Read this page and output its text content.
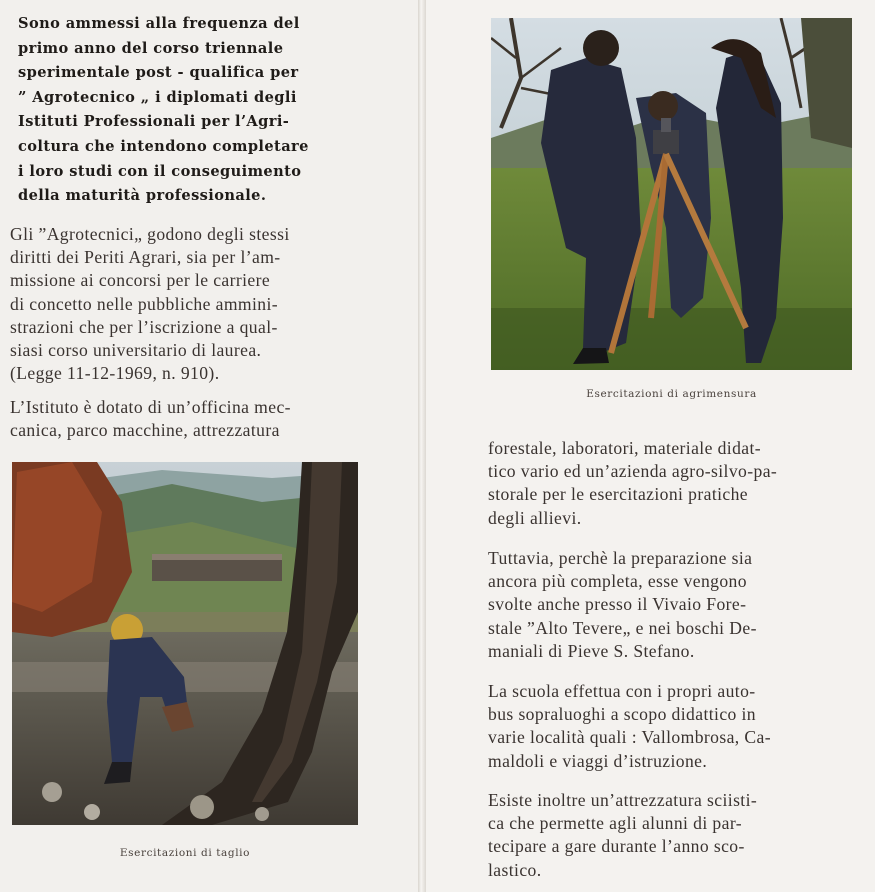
Sono ammessi alla frequenza del
primo anno del corso triennale
sperimentale post - qualifica per
” Agrotecnico „ i diplomati degli
Istituti Professionali per l’Agri-
coltura che intendono completare
i loro studi con il conseguimento
della maturità professionale.

Gli ”Agrotecnici„ godono degli stessi
diritti dei Periti Agrari, sia per l’am-
missione ai concorsi per le carriere
di concetto nelle pubbliche ammini-
strazioni che per l’iscrizione a qual-
siasi corso universitario di laurea.
(Legge 11-12-1969, n. 910).

L’Istituto è dotato di un’officina mec-
canica, parco macchine, attrezzatura

Esercitazioni di taglio

Esercitazioni di agrimensura

forestale, laboratori, materiale didat-
tico vario ed un’azienda agro-silvo-pa-
storale per le esercitazioni pratiche
degli allievi.

Tuttavia, perchè la preparazione sia
ancora più completa, esse vengono
svolte anche presso il Vivaio Fore-
stale ”Alto Tevere„ e nei boschi De-
maniali di Pieve S. Stefano.

La scuola effettua con i propri auto-
bus sopraluoghi a scopo didattico in
varie località quali : Vallombrosa, Ca-
maldoli e viaggi d’istruzione.

Esiste inoltre un’attrezzatura sciisti-
ca che permette agli alunni di par-
tecipare a gare durante l’anno sco-
lastico.
